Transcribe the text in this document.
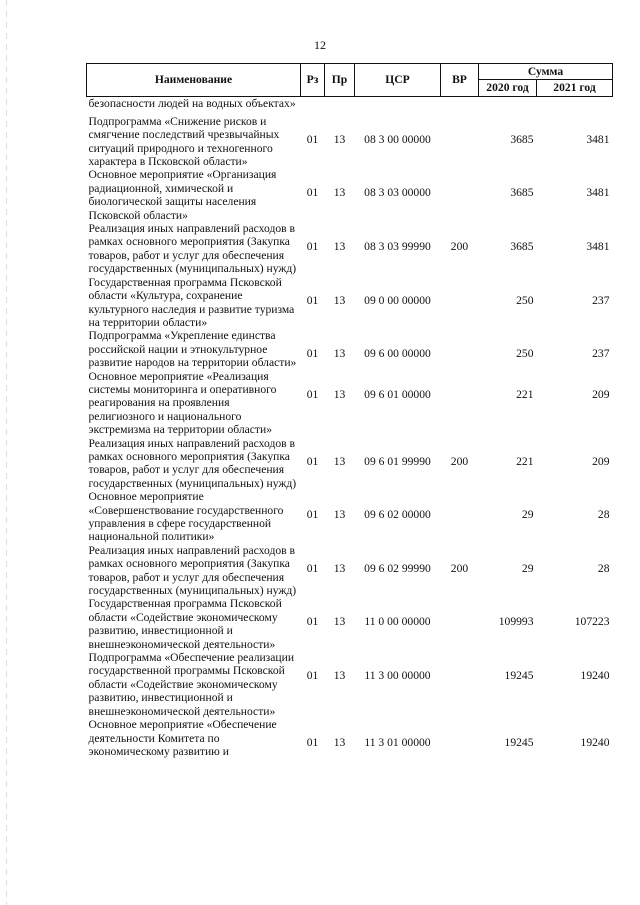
12
Наименование	Рз	Пр	ЦСР	ВР	Сумма	
					2020 год	2021 год
безопасности людей на водных объектах»						
Подпрограмма «Снижение рисков и смягчение последствий чрезвычайных ситуаций природного и техногенного характера в Псковской области»	01	13	08 3 00 00000		3685	3481
Основное мероприятие «Организация радиационной, химической и биологической защиты населения Псковской области»	01	13	08 3 03 00000		3685	3481
Реализация иных направлений расходов в рамках основного мероприятия (Закупка товаров, работ и услуг для обеспечения государственных (муниципальных) нужд)	01	13	08 3 03 99990	200	3685	3481
Государственная программа Псковской области «Культура, сохранение культурного наследия и развитие туризма на территории области»	01	13	09 0 00 00000		250	237
Подпрограмма «Укрепление единства российской нации и этнокультурное развитие народов на территории области»	01	13	09 6 00 00000		250	237
Основное мероприятие «Реализация системы мониторинга и оперативного реагирования на проявления религиозного и национального экстремизма на территории области»	01	13	09 6 01 00000		221	209
Реализация иных направлений расходов в рамках основного мероприятия (Закупка товаров, работ и услуг для обеспечения государственных (муниципальных) нужд)	01	13	09 6 01 99990	200	221	209
Основное мероприятие «Совершенствование государственного управления в сфере государственной национальной политики»	01	13	09 6 02 00000		29	28
Реализация иных направлений расходов в рамках основного мероприятия (Закупка товаров, работ и услуг для обеспечения государственных (муниципальных) нужд)	01	13	09 6 02 99990	200	29	28
Государственная программа Псковской области «Содействие экономическому развитию, инвестиционной и внешнеэкономической деятельности»	01	13	11 0 00 00000		109993	107223
Подпрограмма «Обеспечение реализации государственной программы Псковской области «Содействие экономическому развитию, инвестиционной и внешнеэкономической деятельности»	01	13	11 3 00 00000		19245	19240
Основное мероприятие «Обеспечение деятельности Комитета по экономическому развитию и	01	13	11 3 01 00000		19245	19240
